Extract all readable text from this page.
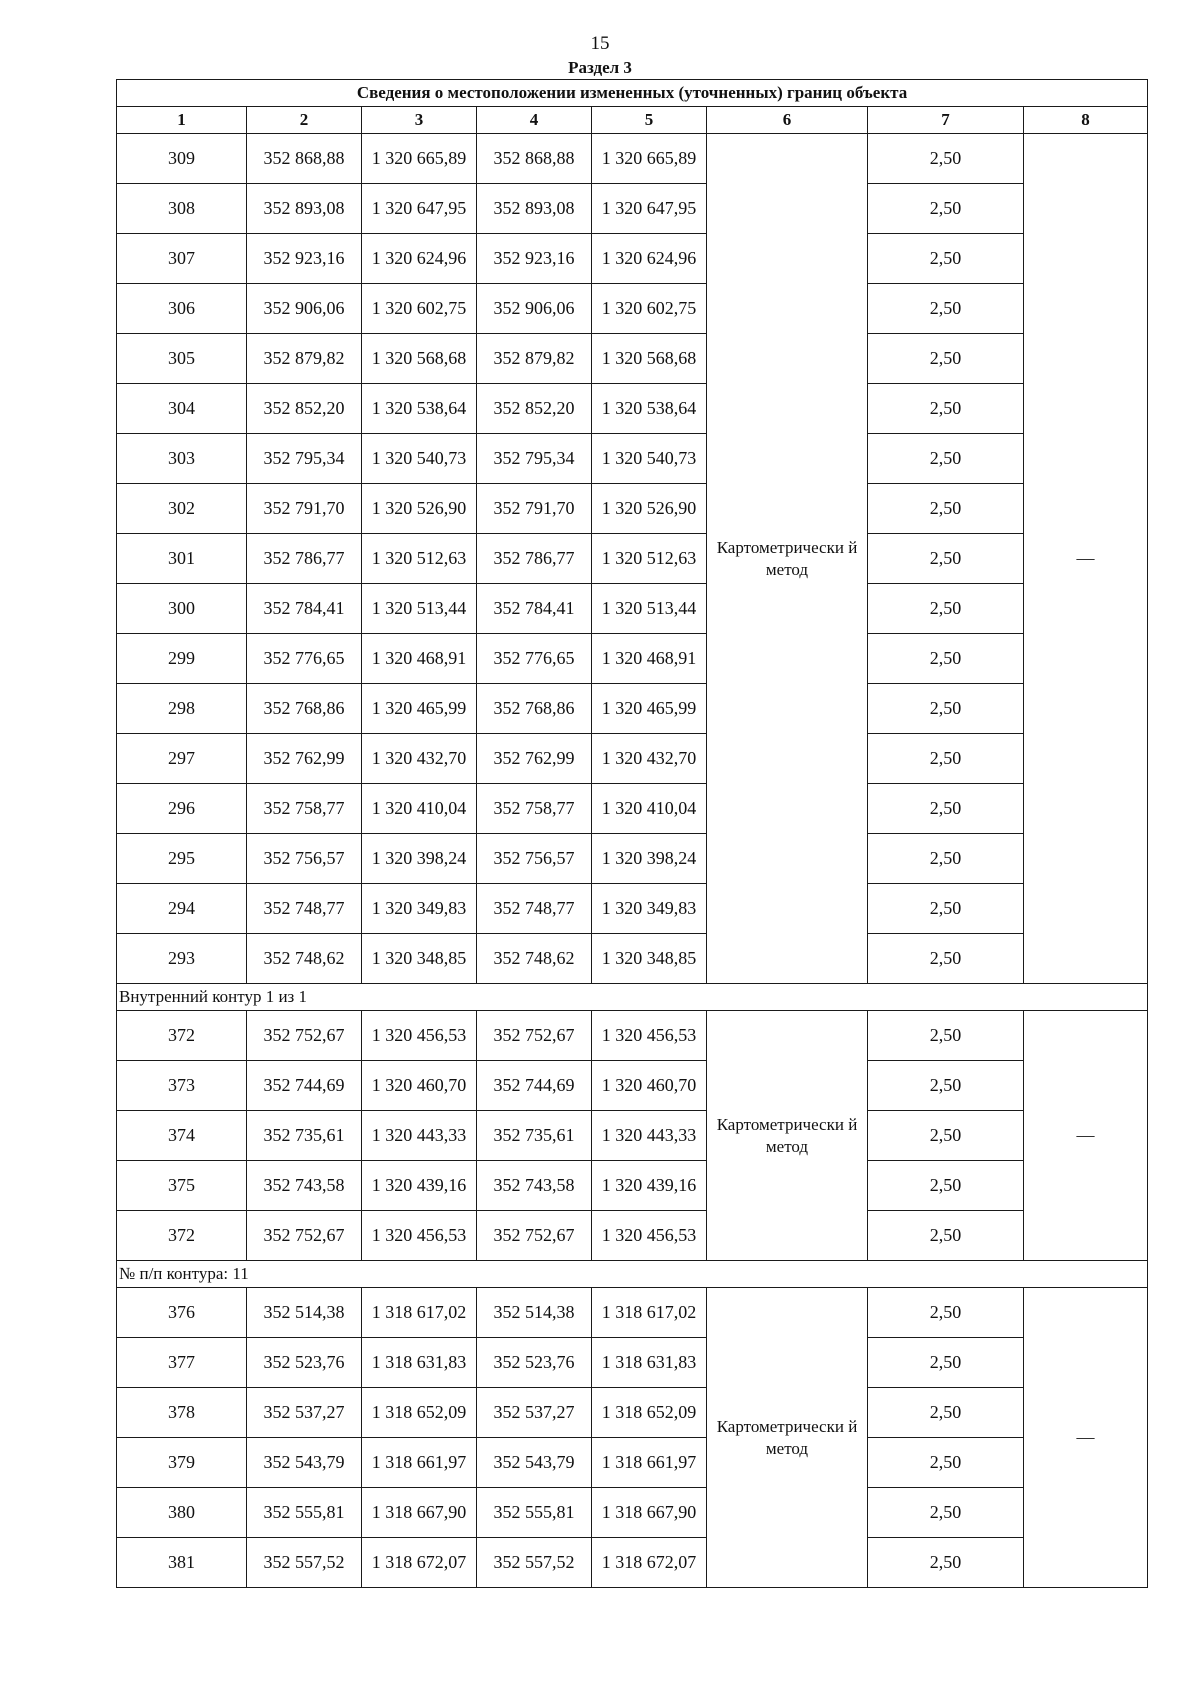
15
Раздел 3
Сведения о местоположении измененных (уточненных) границ объекта							
1	2	3	4	5	6	7	8
309	352 868,88	1 320 665,89	352 868,88	1 320 665,89	Картометрически й метод	2,50	—
308	352 893,08	1 320 647,95	352 893,08	1 320 647,95		2,50	
307	352 923,16	1 320 624,96	352 923,16	1 320 624,96		2,50	
306	352 906,06	1 320 602,75	352 906,06	1 320 602,75		2,50	
305	352 879,82	1 320 568,68	352 879,82	1 320 568,68		2,50	
304	352 852,20	1 320 538,64	352 852,20	1 320 538,64		2,50	
303	352 795,34	1 320 540,73	352 795,34	1 320 540,73		2,50	
302	352 791,70	1 320 526,90	352 791,70	1 320 526,90		2,50	
301	352 786,77	1 320 512,63	352 786,77	1 320 512,63		2,50	
300	352 784,41	1 320 513,44	352 784,41	1 320 513,44		2,50	
299	352 776,65	1 320 468,91	352 776,65	1 320 468,91		2,50	
298	352 768,86	1 320 465,99	352 768,86	1 320 465,99		2,50	
297	352 762,99	1 320 432,70	352 762,99	1 320 432,70		2,50	
296	352 758,77	1 320 410,04	352 758,77	1 320 410,04		2,50	
295	352 756,57	1 320 398,24	352 756,57	1 320 398,24		2,50	
294	352 748,77	1 320 349,83	352 748,77	1 320 349,83		2,50	
293	352 748,62	1 320 348,85	352 748,62	1 320 348,85		2,50	
Внутренний контур 1 из 1							
372	352 752,67	1 320 456,53	352 752,67	1 320 456,53	Картометрически й метод	2,50	—
373	352 744,69	1 320 460,70	352 744,69	1 320 460,70		2,50	
374	352 735,61	1 320 443,33	352 735,61	1 320 443,33		2,50	
375	352 743,58	1 320 439,16	352 743,58	1 320 439,16		2,50	
372	352 752,67	1 320 456,53	352 752,67	1 320 456,53		2,50	
№ п/п контура: 11							
376	352 514,38	1 318 617,02	352 514,38	1 318 617,02	Картометрически й метод	2,50	—
377	352 523,76	1 318 631,83	352 523,76	1 318 631,83		2,50	
378	352 537,27	1 318 652,09	352 537,27	1 318 652,09		2,50	
379	352 543,79	1 318 661,97	352 543,79	1 318 661,97		2,50	
380	352 555,81	1 318 667,90	352 555,81	1 318 667,90		2,50	
381	352 557,52	1 318 672,07	352 557,52	1 318 672,07		2,50	
